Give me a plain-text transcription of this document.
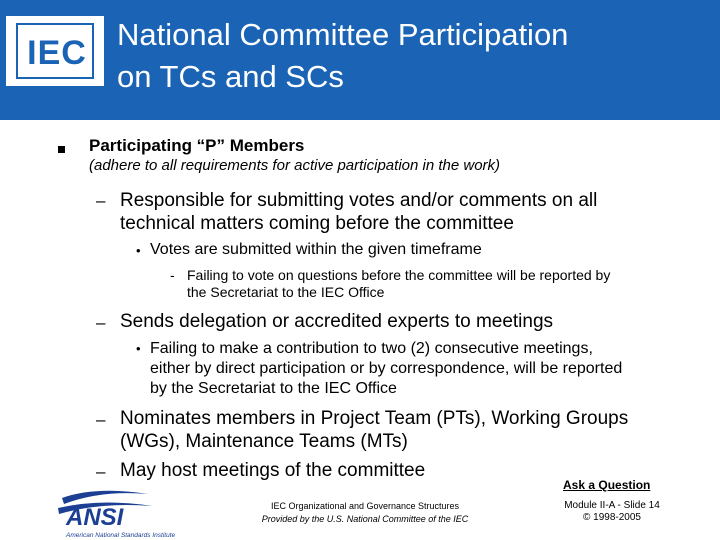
IEC National Committee Participation
on TCs and SCs
Participating “P” Members
(adhere to all requirements for active participation in the work)
– Responsible for submitting votes and/or comments on all
technical matters coming before the committee
• Votes are submitted within the given timeframe
- Failing to vote on questions before the committee will be reported by
the Secretariat to the IEC Office
– Sends delegation or accredited experts to meetings
• Failing to make a contribution to two (2) consecutive meetings,
either by direct participation or by correspondence, will be reported
by the Secretariat to the IEC Office
– Nominates members in Project Team (PTs), Working Groups
(WGs), Maintenance Teams (MTs)
– May host meetings of the committee
Ask a Question
IEC Organizational and Governance Structures
Provided by the U.S. National Committee of the IEC
Module II-A - Slide 14
© 1998-2005
ANSI
American National Standards Institute
